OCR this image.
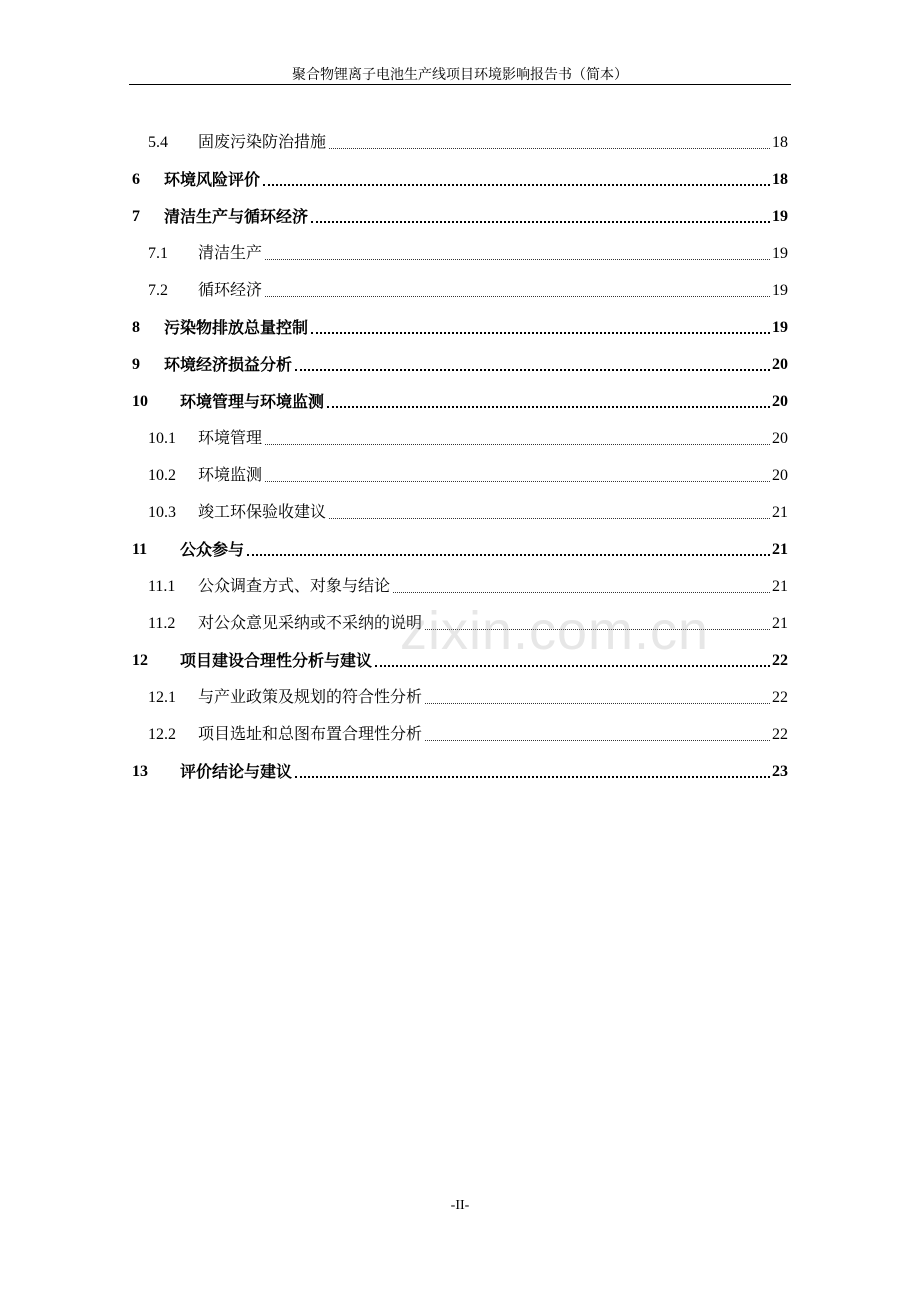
聚合物锂离子电池生产线项目环境影响报告书（简本）
5.4	固废污染防治措施	18
6	环境风险评价	18
7	清洁生产与循环经济	19
7.1	清洁生产	19
7.2	循环经济	19
8	污染物排放总量控制	19
9	环境经济损益分析	20
10	环境管理与环境监测	20
10.1	环境管理	20
10.2	环境监测	20
10.3	竣工环保验收建议	21
11	公众参与	21
11.1	公众调查方式、对象与结论	21
11.2	对公众意见采纳或不采纳的说明	21
12	项目建设合理性分析与建议	22
12.1	与产业政策及规划的符合性分析	22
12.2	项目选址和总图布置合理性分析	22
13	评价结论与建议	23
zixin.com.cn
-II-
